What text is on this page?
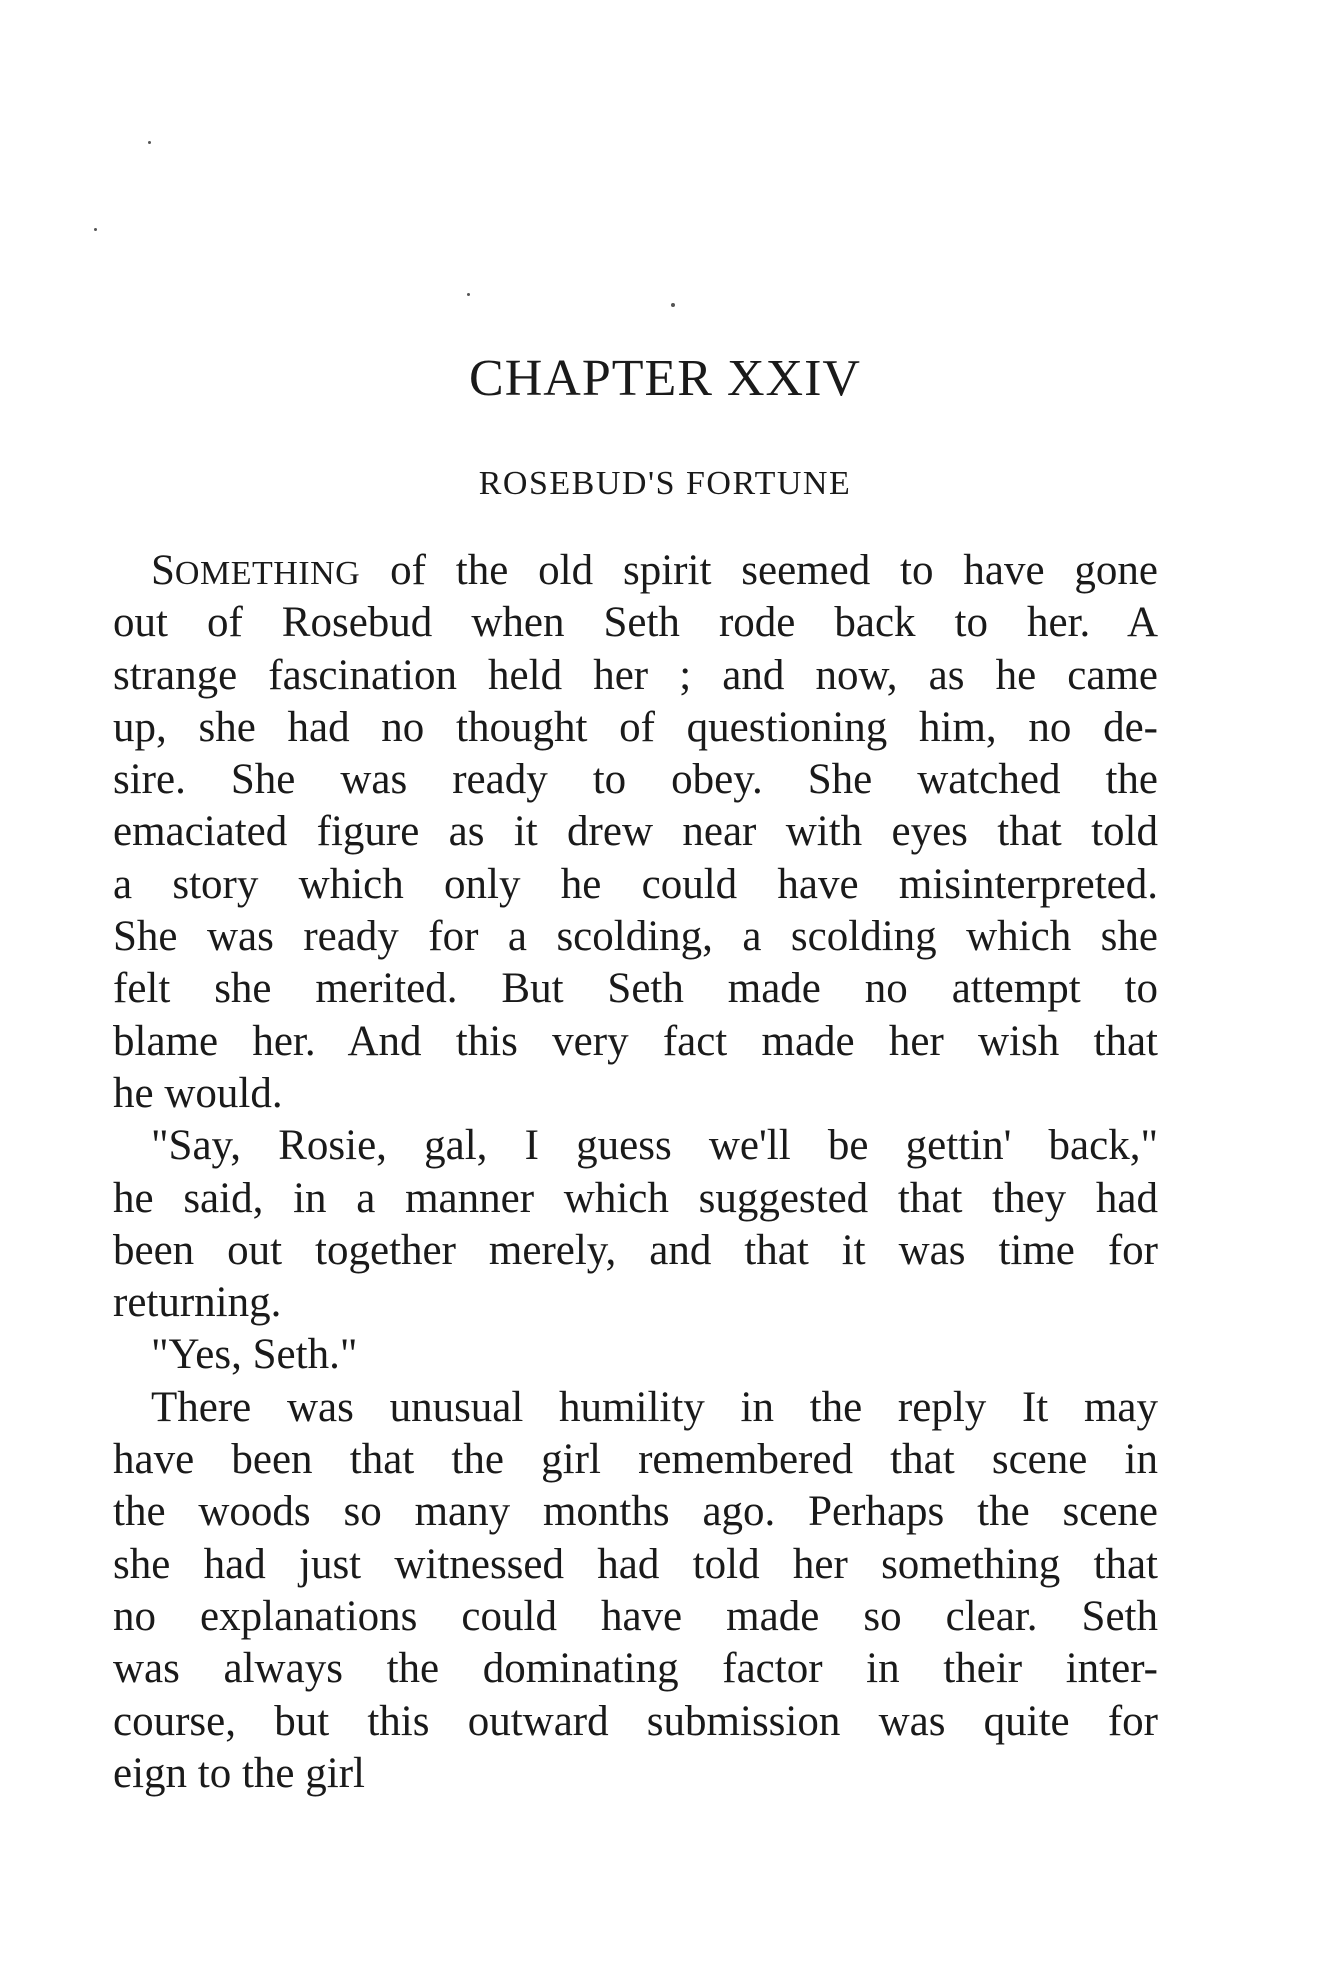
CHAPTER XXIV
ROSEBUD'S FORTUNE
SOMETHING of the old spirit seemed to have gone
out of Rosebud when Seth rode back to her. A
strange fascination held her ; and now, as he came
up, she had no thought of questioning him, no de-
sire. She was ready to obey. She watched the
emaciated figure as it drew near with eyes that told
a story which only he could have misinterpreted.
She was ready for a scolding, a scolding which she
felt she merited. But Seth made no attempt to
blame her. And this very fact made her wish that
he would.
"Say, Rosie, gal, I guess we'll be gettin' back,"
he said, in a manner which suggested that they had
been out together merely, and that it was time for
returning.
"Yes, Seth."
There was unusual humility in the reply It may
have been that the girl remembered that scene in
the woods so many months ago. Perhaps the scene
she had just witnessed had told her something that
no explanations could have made so clear. Seth
was always the dominating factor in their inter-
course, but this outward submission was quite for
eign to the girl
